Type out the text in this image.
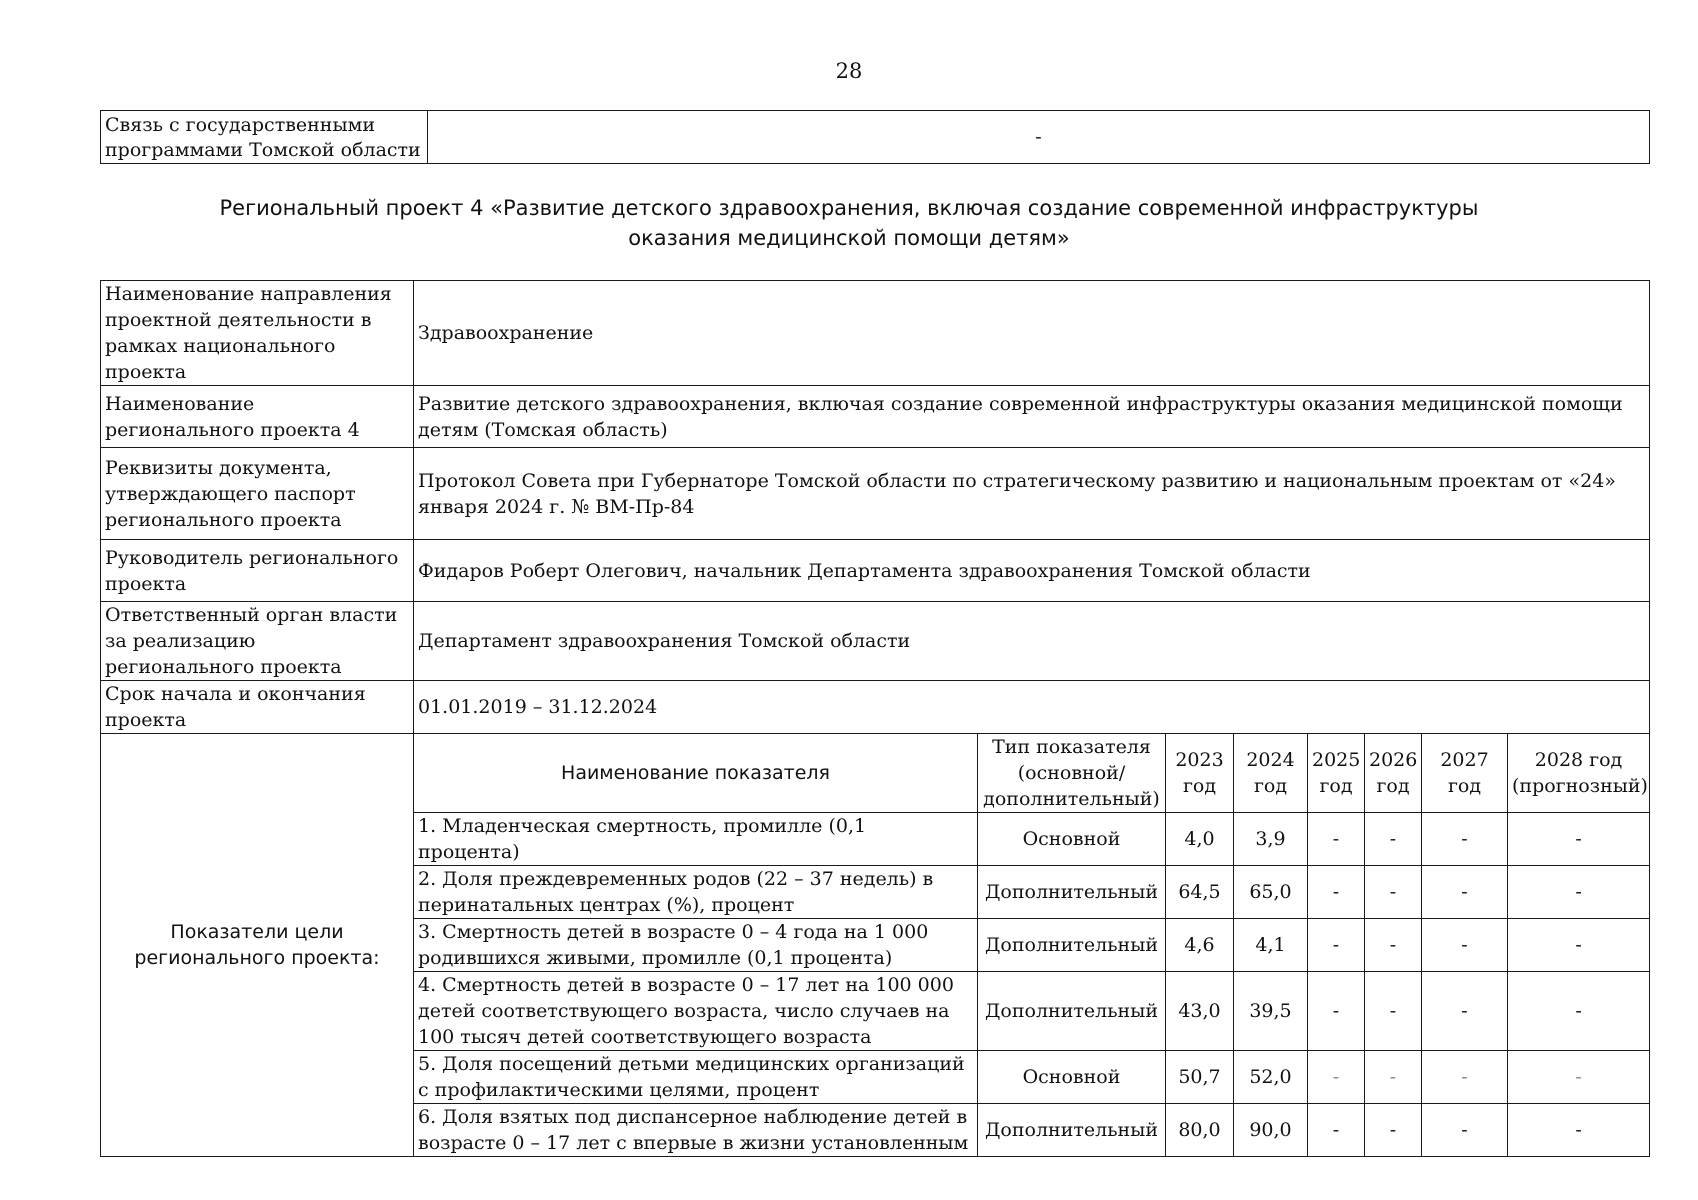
28
Связь с государственными программами Томской области	-
Региональный проект 4 «Развитие детского здравоохранения, включая создание современной инфраструктуры
оказания медицинской помощи детям»
Наименование направления проектной деятельности в рамках национального проекта	Здравоохранение							
Наименование регионального проекта 4	Развитие детского здравоохранения, включая создание современной инфраструктуры оказания медицинской помощи детям (Томская область)							
Реквизиты документа, утверждающего паспорт регионального проекта	Протокол Совета при Губернаторе Томской области по стратегическому развитию и национальным проектам от «24» января 2024 г. № ВМ-Пр-84							
Руководитель регионального проекта	Фидаров Роберт Олегович, начальник Департамента здравоохранения Томской области							
Ответственный орган власти за реализацию регионального проекта	Департамент здравоохранения Томской области							
Срок начала и окончания проекта	01.01.2019 – 31.12.2024							
Показатели цели регионального проекта:	Наименование показателя	Тип показателя (основной/ дополнительный)	2023 год	2024 год	2025 год	2026 год	2027 год	2028 год (прогнозный)
	1. Младенческая смертность, промилле (0,1 процента)	Основной	4,0	3,9	-	-	-	-
	2. Доля преждевременных родов (22 – 37 недель) в перинатальных центрах (%), процент	Дополнительный	64,5	65,0	-	-	-	-
	3. Смертность детей в возрасте 0 – 4 года на 1 000 родившихся живыми, промилле (0,1 процента)	Дополнительный	4,6	4,1	-	-	-	-
	4. Смертность детей в возрасте 0 – 17 лет на 100 000 детей соответствующего возраста, число случаев на 100 тысяч детей соответствующего возраста	Дополнительный	43,0	39,5	-	-	-	-
	5. Доля посещений детьми медицинских организаций с профилактическими целями, процент	Основной	50,7	52,0	-	-	-	-
	6. Доля взятых под диспансерное наблюдение детей в возрасте 0 – 17 лет с впервые в жизни установленным	Дополнительный	80,0	90,0	-	-	-	-
